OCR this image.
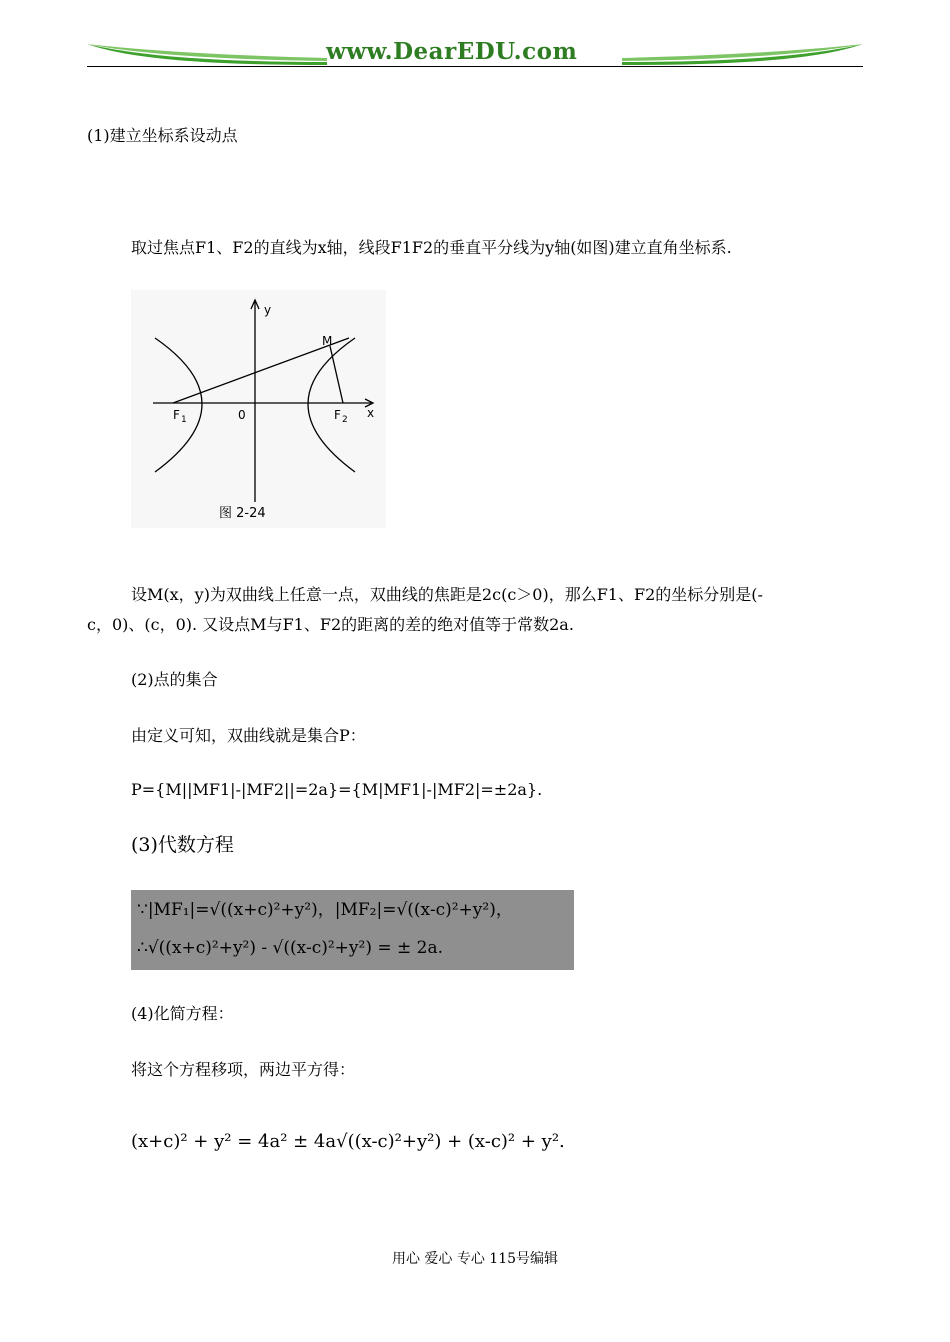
www.DearEDU.com
(1)建立坐标系设动点
取过焦点F1、F2的直线为x轴，线段F1F2的垂直平分线为y轴(如图)建立直角坐标系.
y
x
M
F 1	0	F 2
图 2-24
设M(x，y)为双曲线上任意一点，双曲线的焦距是2c(c＞0)，那么F1、F2的坐标分别是(-
c，0)、(c，0). 又设点M与F1、F2的距离的差的绝对值等于常数2a.
(2)点的集合
由定义可知，双曲线就是集合P：
P={M||MF1|-|MF2||=2a}={M|MF1|-|MF2|=±2a}.
(3)代数方程
∵|MF₁|=√((x+c)²+y²)，|MF₂|=√((x-c)²+y²)，
∴√((x+c)²+y²) - √((x-c)²+y²) = ± 2a.
(4)化简方程：
将这个方程移项，两边平方得：
(x+c)² + y² = 4a² ± 4a√((x-c)²+y²) + (x-c)² + y².
用心 爱心 专心 115号编辑
